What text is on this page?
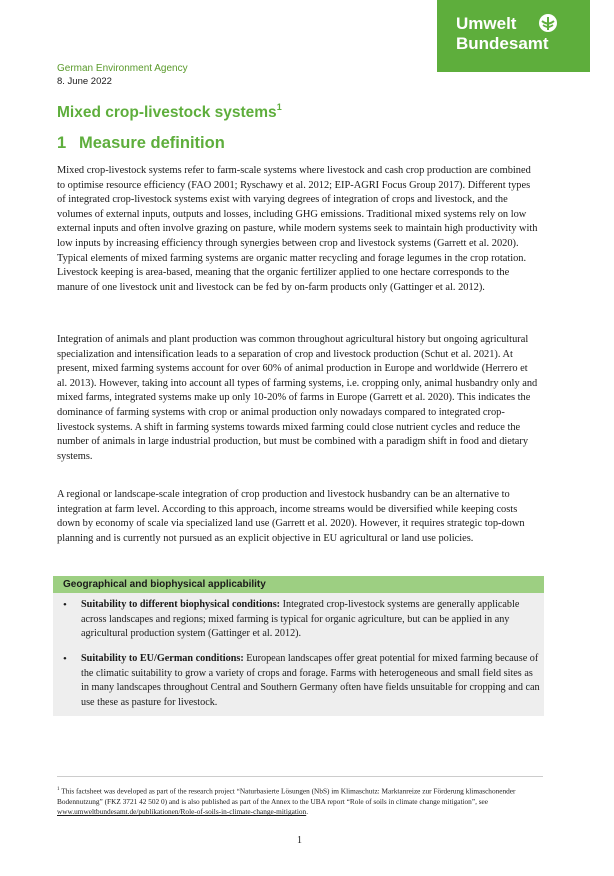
Umwelt
Bundesamt
German Environment Agency
8. June 2022
Mixed crop-livestock systems$^1$
1 Measure definition

Mixed crop-livestock systems refer to farm-scale systems where livestock and cash crop production are combined to optimise resource efficiency (FAO 2001; Ryschawy et al. 2012; EIP-AGRI Focus Group 2017). Different types of integrated crop-livestock systems exist with varying degrees of integration of crops and livestock, and the volumes of external inputs, outputs and losses, including GHG emissions. Traditional mixed systems rely on low external inputs and often involve grazing on pasture, while modern systems seek to maintain high productivity with low inputs by increasing efficiency through synergies between crop and livestock systems (Garrett et al. 2020). Typical elements of mixed farming systems are organic matter recycling and forage legumes in the crop rotation. Livestock keeping is area-based, meaning that the organic fertilizer applied to one hectare corresponds to the manure of one livestock unit and livestock can be fed by on-farm products only (Gattinger et al. 2012).

Integration of animals and plant production was common throughout agricultural history but ongoing agricultural specialization and intensification leads to a separation of crop and livestock production (Schut et al. 2021). At present, mixed farming systems account for over 60% of animal production in Europe and worldwide (Herrero et al. 2013). However, taking into account all types of farming systems, i.e. cropping only, animal husbandry only and mixed farms, integrated systems make up only 10-20% of farms in Europe (Garrett et al. 2020). This indicates the dominance of farming systems with crop or animal production only nowadays compared to integrated crop-livestock systems. A shift in farming systems towards mixed farming could close nutrient cycles and reduce the number of animals in large industrial production, but must be combined with a paradigm shift in food and dietary systems.

A regional or landscape-scale integration of crop production and livestock husbandry can be an alternative to integration at farm level. According to this approach, income streams would be diversified while keeping costs down by economy of scale via specialized land use (Garrett et al. 2020). However, it requires strategic top-down planning and is currently not pursued as an explicit objective in EU agricultural or land use policies.

Geographical and biophysical applicability
• Suitability to different biophysical conditions: Integrated crop-livestock systems are generally applicable across landscapes and regions; mixed farming is typical for organic agriculture, but can be applied in any agricultural production system (Gattinger et al. 2012).
• Suitability to EU/German conditions: European landscapes offer great potential for mixed farming because of the climatic suitability to grow a variety of crops and forage. Farms with heterogeneous and small field sites as in many landscapes throughout Central and Southern Germany often have fields unsuitable for cropping and can use these as pasture for livestock.

$^1$ This factsheet was developed as part of the research project “Naturbasierte Lösungen (NbS) im Klimaschutz: Marktanreize zur Förderung klimaschonender Bodennutzung” (FKZ 3721 42 502 0) and is also published as part of the Annex to the UBA report “Role of soils in climate change mitigation”, see www.umweltbundesamt.de/publikationen/Role-of-soils-in-climate-change-mitigation.

1
